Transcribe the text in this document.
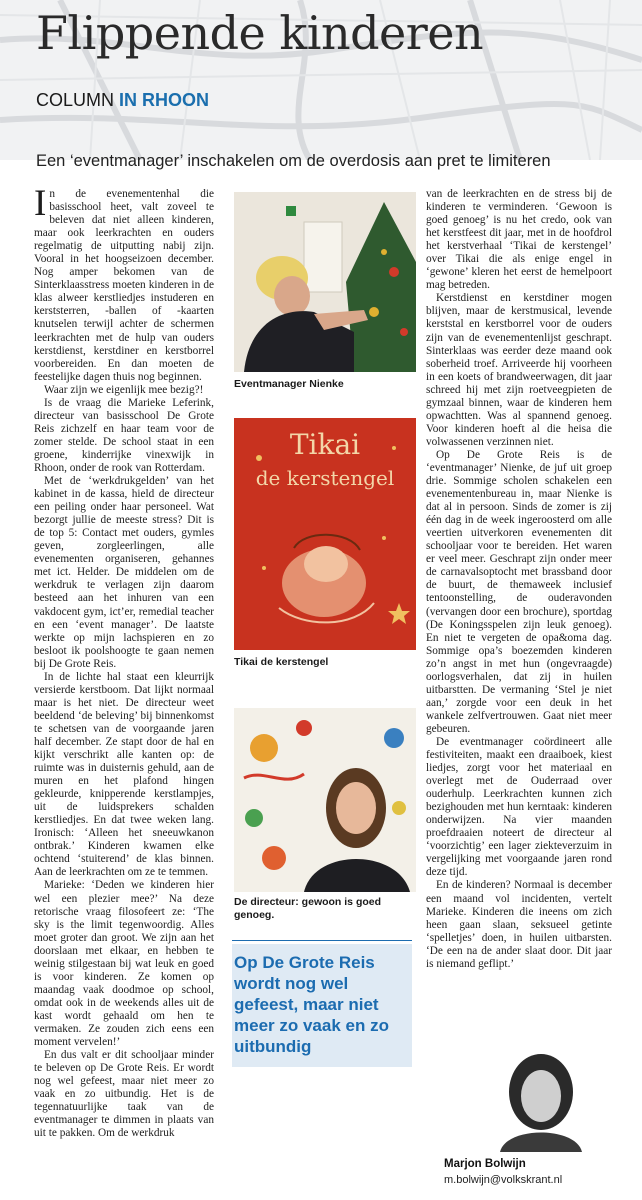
Flippende kinderen
COLUMN IN RHOON
Een ‘eventmanager’ inschakelen om de overdosis aan pret te limiteren

In de evenementenhal die basisschool heet, valt zoveel te beleven dat niet alleen kinderen, maar ook leerkrachten en ouders regelmatig de uitputting nabij zijn. Vooral in het hoogseizoen december. Nog amper bekomen van de Sinterklaasstress moeten kinderen in de klas alweer kerstliedjes instuderen en kerststerren, -ballen of -kaarten knutselen terwijl achter de schermen leerkrachten met de hulp van ouders kerstdienst, kerstdiner en kerstborrel voorbereiden. En dan moeten de feestelijke dagen thuis nog beginnen.

Waar zijn we eigenlijk mee bezig?!

Is de vraag die Marieke Leferink, directeur van basisschool De Grote Reis zichzelf en haar team voor de zomer stelde. De school staat in een groene, kinderrijke vinexwijk in Rhoon, onder de rook van Rotterdam.

Met de ‘werkdrukgelden’ van het kabinet in de kassa, hield de directeur een peiling onder haar personeel. Wat bezorgt jullie de meeste stress? Dit is de top 5: Contact met ouders, gymles geven, zorgleerlingen, alle evenementen organiseren, gehannes met ict. Helder. De middelen om de werkdruk te verlagen zijn daarom besteed aan het inhuren van een vakdocent gym, ict’er, remedial teacher en een ‘event manager’. De laatste werkte op mijn lachspieren en zo besloot ik poolshoogte te gaan nemen bij De Grote Reis.

In de lichte hal staat een kleurrijk versierde kerstboom. Dat lijkt normaal maar is het niet. De directeur weet beeldend ‘de beleving’ bij binnenkomst te schetsen van de voorgaande jaren half december. Ze stapt door de hal en kijkt verschrikt alle kanten op: de ruimte was in duisternis gehuld, aan de muren en het plafond hingen gekleurde, knipperende kerstlampjes, uit de luidsprekers schalden kerstliedjes. En dat twee weken lang. Ironisch: ‘Alleen het sneeuwkanon ontbrak.’ Kinderen kwamen elke ochtend ‘stuiterend’ de klas binnen. Aan de leerkrachten om ze te temmen.

Marieke: ‘Deden we kinderen hier wel een plezier mee?’ Na deze retorische vraag filosofeert ze: ‘The sky is the limit tegenwoordig. Alles moet groter dan groot. We zijn aan het doorslaan met elkaar, en hebben te weinig stilgestaan bij wat leuk en goed is voor kinderen. Ze komen op maandag vaak doodmoe op school, omdat ook in de weekends alles uit de kast wordt gehaald om hen te vermaken. Ze zouden zich eens een moment vervelen!’

En dus valt er dit schooljaar minder te beleven op De Grote Reis. Er wordt nog wel gefeest, maar niet meer zo vaak en zo uitbundig. Het is de tegennatuurlijke taak van de eventmanager te dimmen in plaats van uit te pakken. Om de werkdruk

Eventmanager Nienke
Tikai
de kerstengel
Tikai de kerstengel
De directeur: gewoon is goed genoeg.
Op De Grote Reis wordt nog wel gefeest, maar niet meer zo vaak en zo uitbundig

van de leerkrachten en de stress bij de kinderen te verminderen. ‘Gewoon is goed genoeg’ is nu het credo, ook van het kerstfeest dit jaar, met in de hoofdrol het kerstverhaal ‘Tikai de kerstengel’ over Tikai die als enige engel in ‘gewone’ kleren het eerst de hemelpoort mag betreden.

Kerstdienst en kerstdiner mogen blijven, maar de kerstmusical, levende kerststal en kerstborrel voor de ouders zijn van de evenementenlijst geschrapt. Sinterklaas was eerder deze maand ook soberheid troef. Arriveerde hij voorheen in een koets of brandweerwagen, dit jaar schreed hij met zijn roetveegpieten de gymzaal binnen, waar de kinderen hem opwachtten. Was al spannend genoeg. Voor kinderen hoeft al die heisa die volwassenen verzinnen niet.

Op De Grote Reis is de ‘eventmanager’ Nienke, de juf uit groep drie. Sommige scholen schakelen een evenementenbureau in, maar Nienke is dat al in persoon. Sinds de zomer is zij één dag in de week ingeroosterd om alle veertien uitverkoren evenementen dit schooljaar voor te bereiden. Het waren er veel meer. Geschrapt zijn onder meer de carnavalsoptocht met brassband door de buurt, de themaweek inclusief tentoonstelling, de ouderavonden (vervangen door een brochure), sportdag (De Koningsspelen zijn leuk genoeg). En niet te vergeten de opa&oma dag. Sommige opa’s boezemden kinderen zo’n angst in met hun (ongevraagde) oorlogsverhalen, dat zij in huilen uitbarstten. De vermaning ‘Stel je niet aan,’ zorgde voor een deuk in het wankele zelfvertrouwen. Gaat niet meer gebeuren.

De eventmanager coördineert alle festiviteiten, maakt een draaiboek, kiest liedjes, zorgt voor het materiaal en overlegt met de Ouderraad over ouderhulp. Leerkrachten kunnen zich bezighouden met hun kerntaak: kinderen onderwijzen. Na vier maanden proefdraaien noteert de directeur al ‘voorzichtig’ een lager ziekteverzuim in vergelijking met voorgaande jaren rond deze tijd.

En de kinderen? Normaal is december een maand vol incidenten, vertelt Marieke. Kinderen die ineens om zich heen gaan slaan, seksueel getinte ‘spelletjes’ doen, in huilen uitbarsten. ‘De een na de ander slaat door. Dit jaar is niemand geflipt.’

Marjon Bolwijn
m.bolwijn@volkskrant.nl
